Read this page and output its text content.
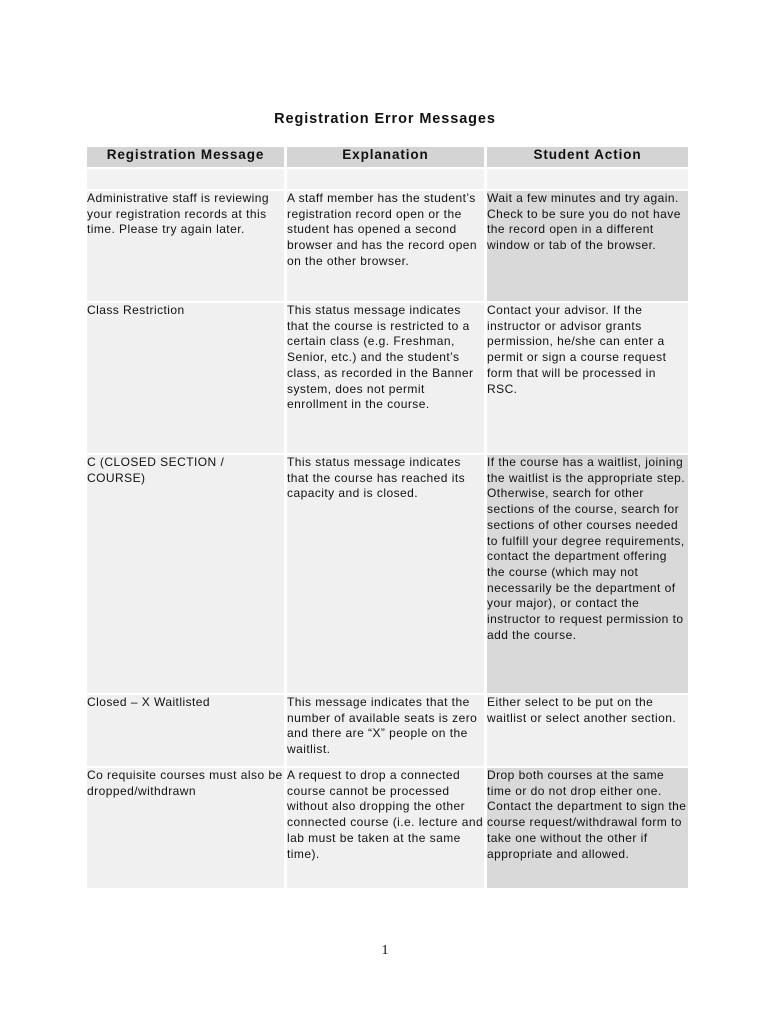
Registration Error Messages
Registration Message	Explanation	Student Action

Administrative staff is reviewing your registration records at this time. Please try again later.	A staff member has the student’s registration record open or the student has opened a second browser and has the record open on the other browser.	Wait a few minutes and try again. Check to be sure you do not have the record open in a different window or tab of the browser.
Class Restriction	This status message indicates that the course is restricted to a certain class (e.g. Freshman, Senior, etc.) and the student’s class, as recorded in the Banner system, does not permit enrollment in the course.	Contact your advisor. If the instructor or advisor grants permission, he/she can enter a permit or sign a course request form that will be processed in RSC.
C (CLOSED SECTION / COURSE)	This status message indicates that the course has reached its capacity and is closed.	If the course has a waitlist, joining the waitlist is the appropriate step. Otherwise, search for other sections of the course, search for sections of other courses needed to fulfill your degree requirements, contact the department offering the course (which may not necessarily be the department of your major), or contact the instructor to request permission to add the course.
Closed – X Waitlisted	This message indicates that the number of available seats is zero and there are “X” people on the waitlist.	Either select to be put on the waitlist or select another section.
Co requisite courses must also be dropped/withdrawn	A request to drop a connected course cannot be processed without also dropping the other connected course (i.e. lecture and lab must be taken at the same time).	Drop both courses at the same time or do not drop either one. Contact the department to sign the course request/withdrawal form to take one without the other if appropriate and allowed.
1
